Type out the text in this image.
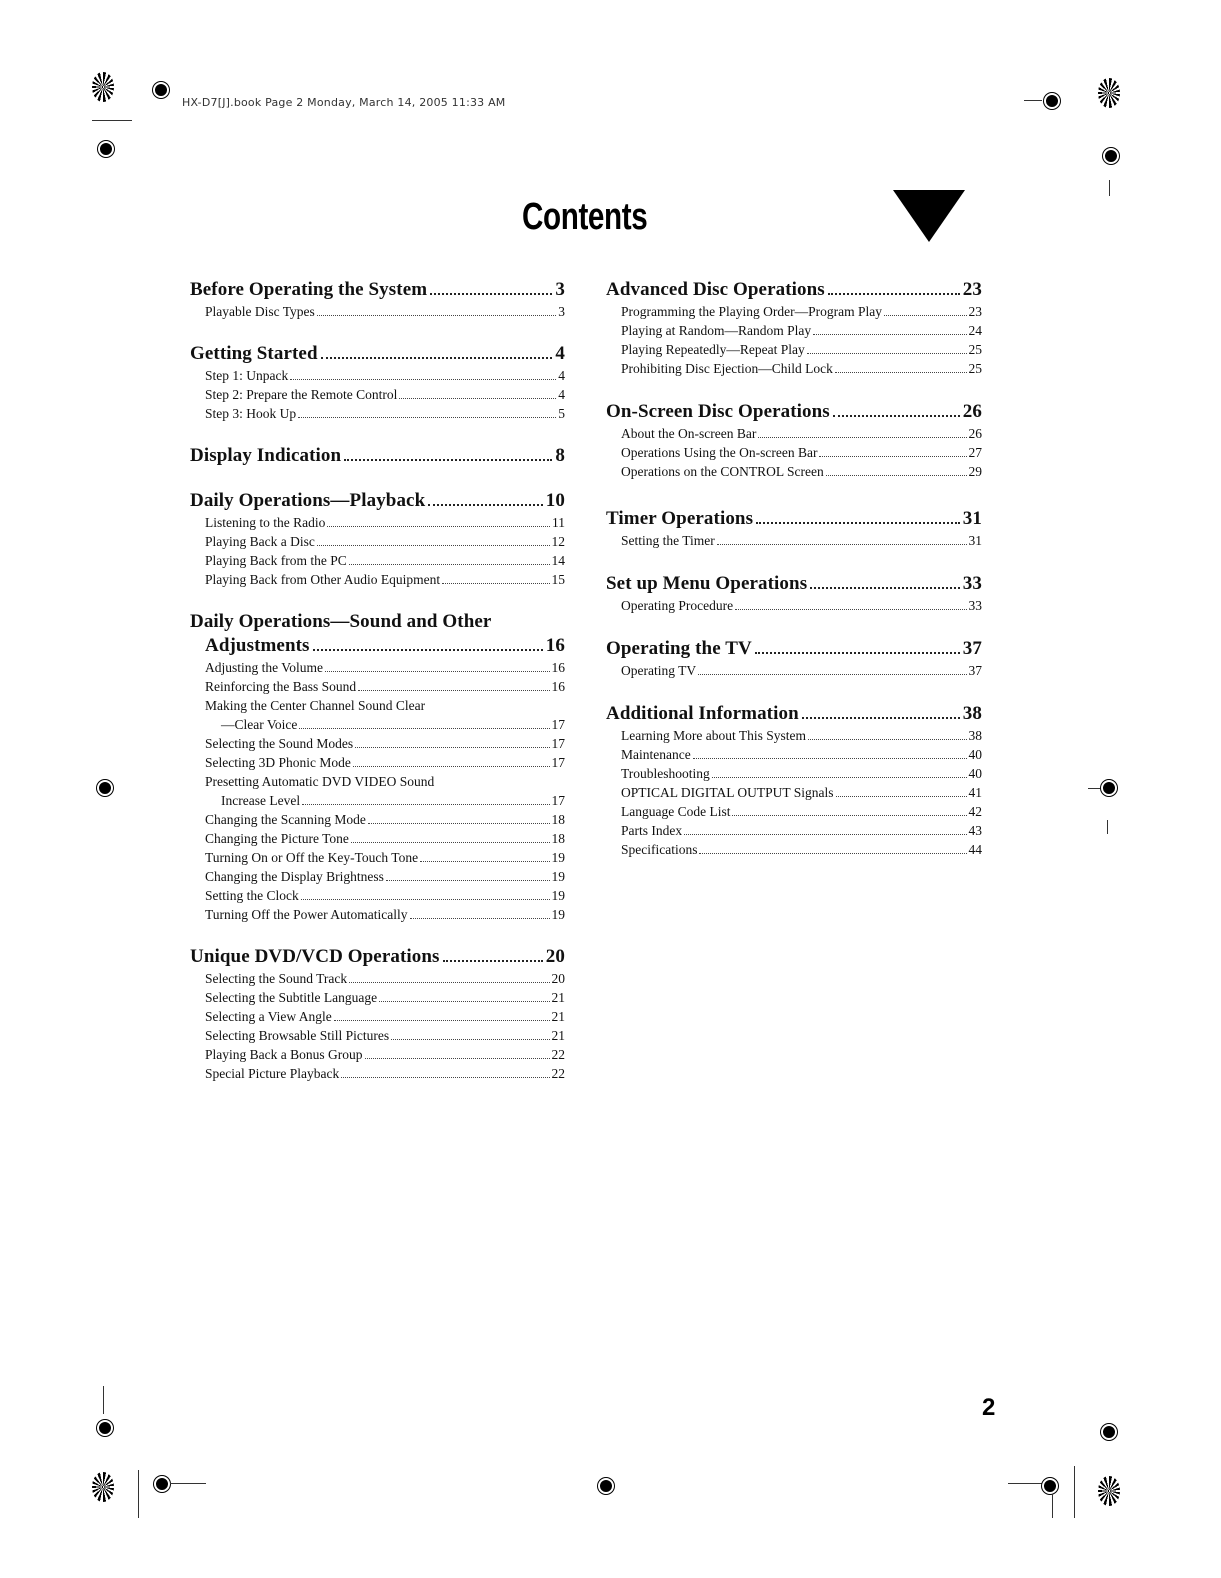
HX-D7[J].book Page 2 Monday, March 14, 2005 11:33 AM
Contents
Before Operating the System	3
Playable Disc Types	3
Getting Started	4
Step 1: Unpack	4
Step 2: Prepare the Remote Control	4
Step 3: Hook Up	5
Display Indication	8
Daily Operations—Playback	10
Listening to the Radio	11
Playing Back a Disc	12
Playing Back from the PC	14
Playing Back from Other Audio Equipment	15
Daily Operations—Sound and Other
Adjustments	16
Adjusting the Volume	16
Reinforcing the Bass Sound	16
Making the Center Channel Sound Clear
—Clear Voice	17
Selecting the Sound Modes	17
Selecting 3D Phonic Mode	17
Presetting Automatic DVD VIDEO Sound
Increase Level	17
Changing the Scanning Mode	18
Changing the Picture Tone	18
Turning On or Off the Key-Touch Tone	19
Changing the Display Brightness	19
Setting the Clock	19
Turning Off the Power Automatically	19
Unique DVD/VCD Operations	20
Selecting the Sound Track	20
Selecting the Subtitle Language	21
Selecting a View Angle	21
Selecting Browsable Still Pictures	21
Playing Back a Bonus Group	22
Special Picture Playback	22
Advanced Disc Operations	23
Programming the Playing Order—Program Play	23
Playing at Random—Random Play	24
Playing Repeatedly—Repeat Play	25
Prohibiting Disc Ejection—Child Lock	25
On-Screen Disc Operations	26
About the On-screen Bar	26
Operations Using the On-screen Bar	27
Operations on the CONTROL Screen	29
Timer Operations	31
Setting the Timer	31
Set up Menu Operations	33
Operating Procedure	33
Operating the TV	37
Operating TV	37
Additional Information	38
Learning More about This System	38
Maintenance	40
Troubleshooting	40
OPTICAL DIGITAL OUTPUT Signals	41
Language Code List	42
Parts Index	43
Specifications	44
2
